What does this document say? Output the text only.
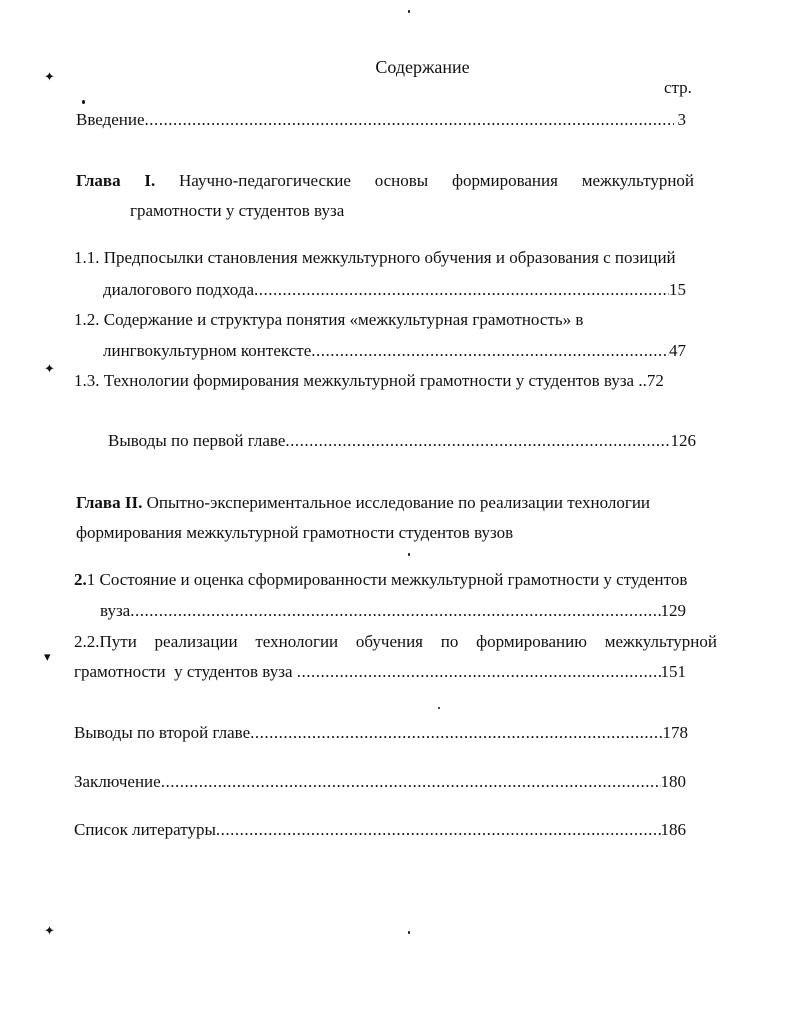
✦
✦
▾
✦
Содержание
стр.
Введение .....	3
Глава I. Научно-педагогические основы формирования межкультурной
грамотности у студентов вуза
1.1. Предпосылки становления межкультурного обучения и образования с позиций
диалогового подхода .....	15
1.2. Содержание и структура понятия «межкультурная грамотность» в
лингвокультурном контексте .....	47
1.3. Технологии формирования межкультурной грамотности у студентов вуза ..72
Выводы по первой главе .....	126
Глава II. Опытно-экспериментальное исследование по реализации технологии
формирования межкультурной грамотности студентов вузов
2.1 Состояние и оценка сформированности межкультурной грамотности у студентов
вуза .....	129
2.2.Пути реализации технологии обучения по формированию межкультурной
грамотности  у студентов вуза .....	151
Выводы по второй главе .....	178
Заключение .....	180
Список литературы .....	186
